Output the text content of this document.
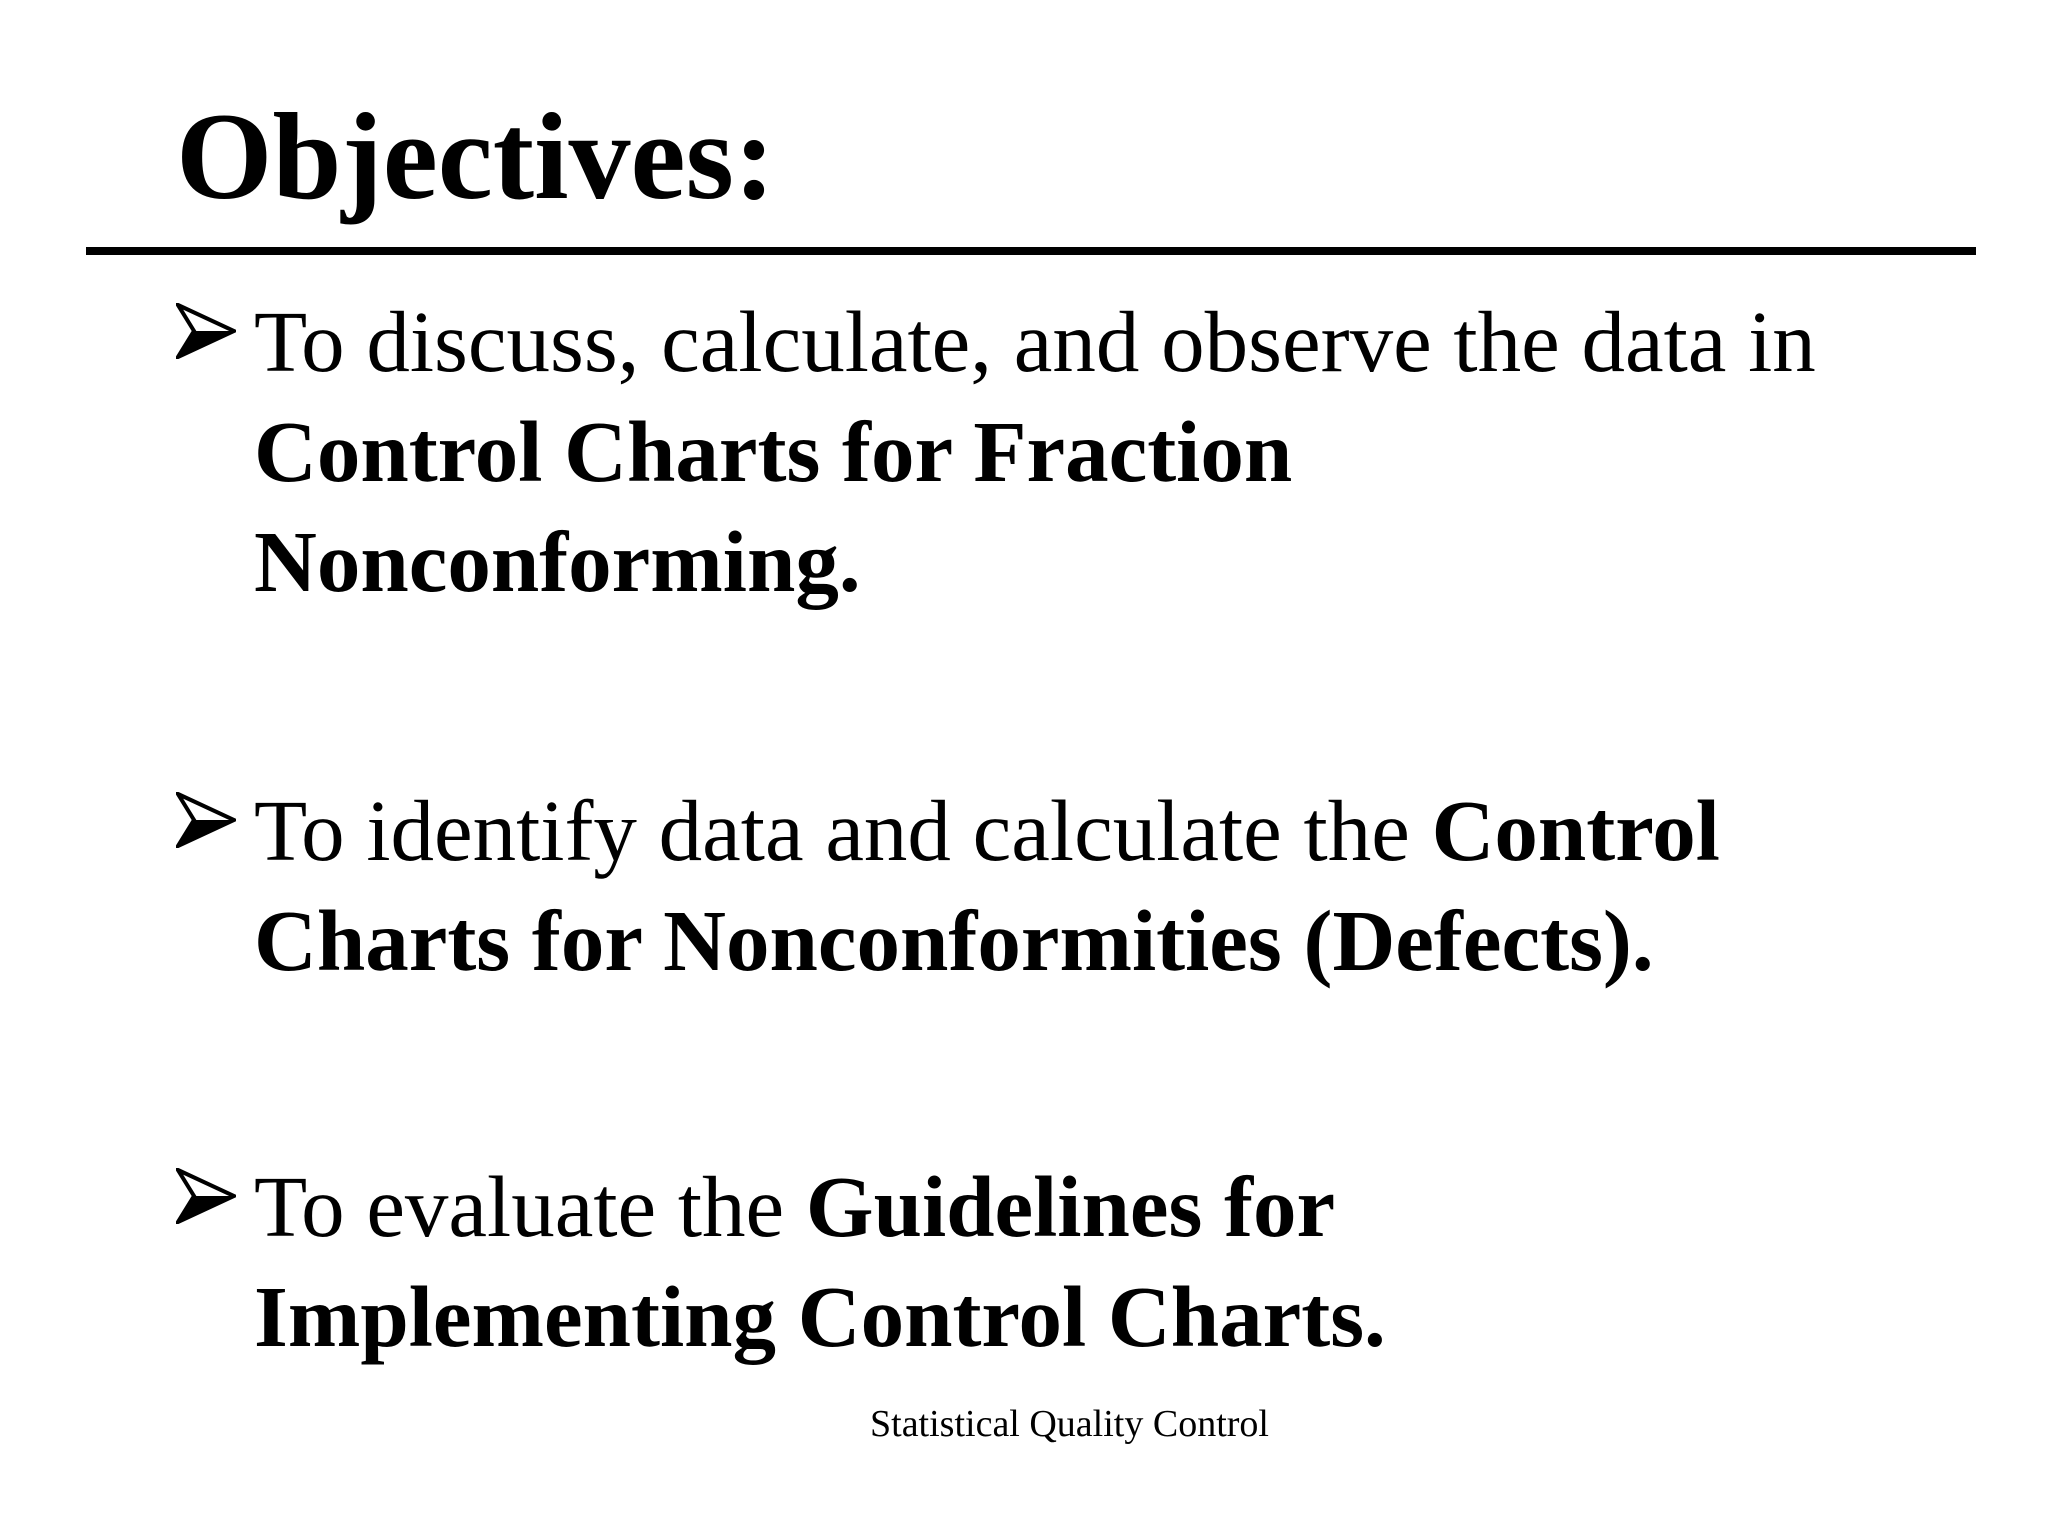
Objectives:
To discuss, calculate, and observe the data in Control Charts for Fraction Nonconforming.
To identify data and calculate the Control Charts for Nonconformities (Defects).
To evaluate the Guidelines for Implementing Control Charts.
Statistical Quality Control
